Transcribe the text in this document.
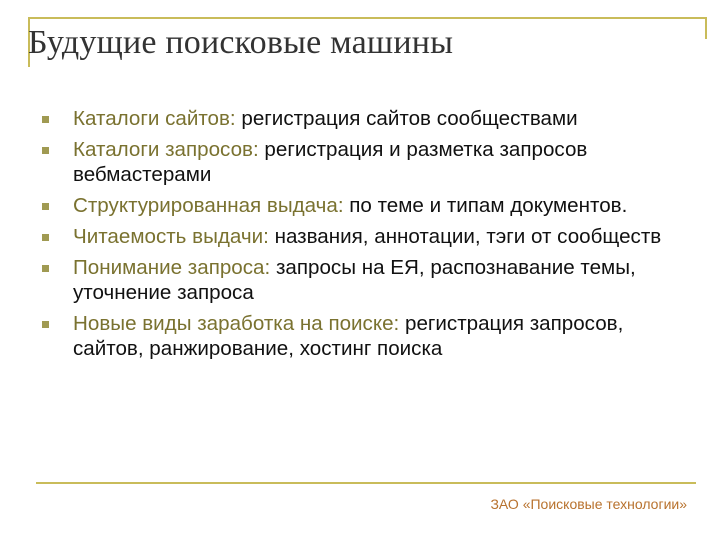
Будущие поисковые машины
Каталоги сайтов: регистрация сайтов сообществами
Каталоги запросов: регистрация и разметка запросов вебмастерами
Структурированная выдача: по теме и типам документов.
Читаемость выдачи: названия, аннотации, тэги от сообществ
Понимание запроса: запросы на ЕЯ, распознавание темы, уточнение запроса
Новые виды заработка на поиске: регистрация запросов, сайтов, ранжирование, хостинг поиска
ЗАО «Поисковые технологии»
